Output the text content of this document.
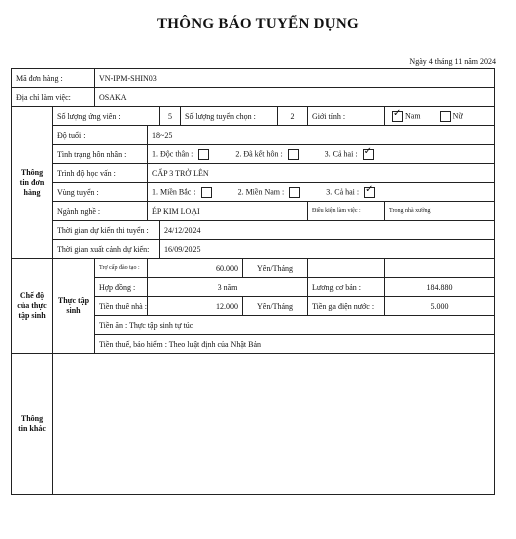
THÔNG BÁO TUYỂN DỤNG
Ngày 4 tháng 11 năm 2024
Mã đơn hàng :		VN-IPM-SHIN03								
Địa chỉ làm việc:		OSAKA								
Thông tin đơn hàng	Số lượng ứng viên :			5	Số lượng tuyển chọn :		2	Giới tính :	✓ Nam Nữ	
	Độ tuổi :		18~25							
	Tình trạng hôn nhân :		1. Độc thân : 2. Đã kết hôn : 3. Cả hai : ✓							

	Trình độ học vấn :		CẤP 3 TRỞ LÊN							
	Vùng tuyển :		1. Miền Bắc : 2. Miền Nam : 3. Cả hai : ✓							

	Ngành nghề :		ÉP KIM LOẠI					Điều kiện làm việc :	Trong nhà xưởng	
	Thời gian dự kiến thi tuyển :			24/12/2024						
	Thời gian xuất cảnh dự kiến:			16/09/2025						
Chế độ của thực tập sinh	Thực tập sinh	Trợ cấp đào tạo :	60.000			Yên/Tháng				
		Hợp đồng :	3 năm					Lương cơ bản :	184.880	
		Tiền thuê nhà :	12.000			Yên/Tháng		Tiền ga điện nước :	5.000	
		Tiền ăn : Thực tập sinh tự túc								
		Tiền thuế, bảo hiểm : Theo luật định của Nhật Bản								
Thông tin khác										
